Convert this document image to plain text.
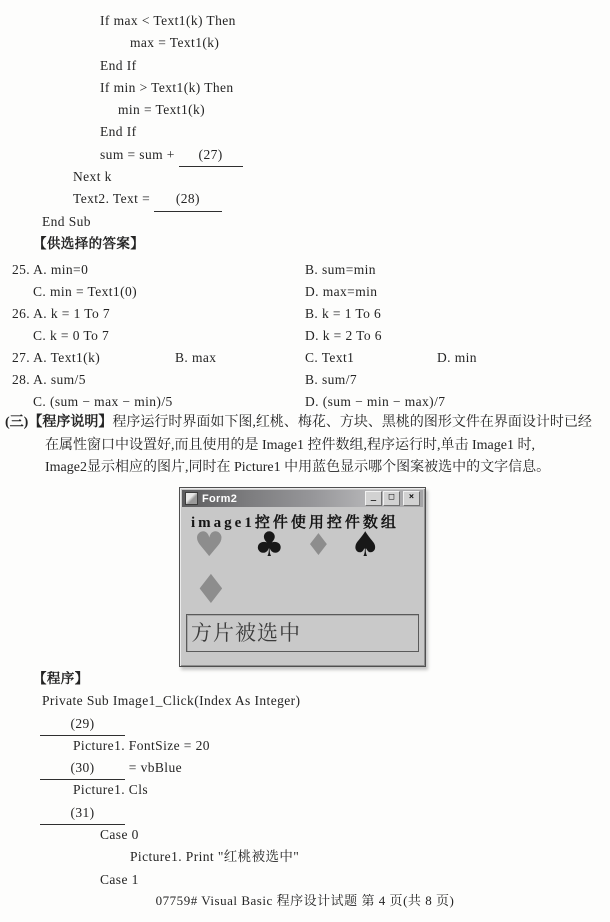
If max < Text1(k) Then
max = Text1(k)
End If
If min > Text1(k) Then
min = Text1(k)
End If
sum = sum + (27)
Next k
Text2. Text = (28)
End Sub
【供选择的答案】
25. A. min=0	B. sum=min
C. min = Text1(0)	D. max=min
26. A. k = 1 To 7	B. k = 1 To 6
C. k = 0 To 7	D. k = 2 To 6
27. A. Text1(k)	B. max	C. Text1	D. min
28. A. sum/5	B. sum/7
C. (sum − max − min)/5	D. (sum − min − max)/7
(三)【程序说明】程序运行时界面如下图,红桃、梅花、方块、黑桃的图形文件在界面设计时已经
在属性窗口中设置好,而且使用的是 Image1 控件数组,程序运行时,单击 Image1 时,
Image2显示相应的图片,同时在 Picture1 中用蓝色显示哪个图案被选中的文字信息。
Form2	_	□	×
image1控件使用控件数组
♥ ♣ ♦ ♠
♦
方片被选中
【程序】
Private Sub Image1_Click(Index As Integer)
(29)
Picture1. FontSize = 20
(30) = vbBlue
Picture1. Cls
(31)
Case 0
Picture1. Print "红桃被选中"
Case 1
07759# Visual Basic 程序设计试题 第 4 页(共 8 页)
